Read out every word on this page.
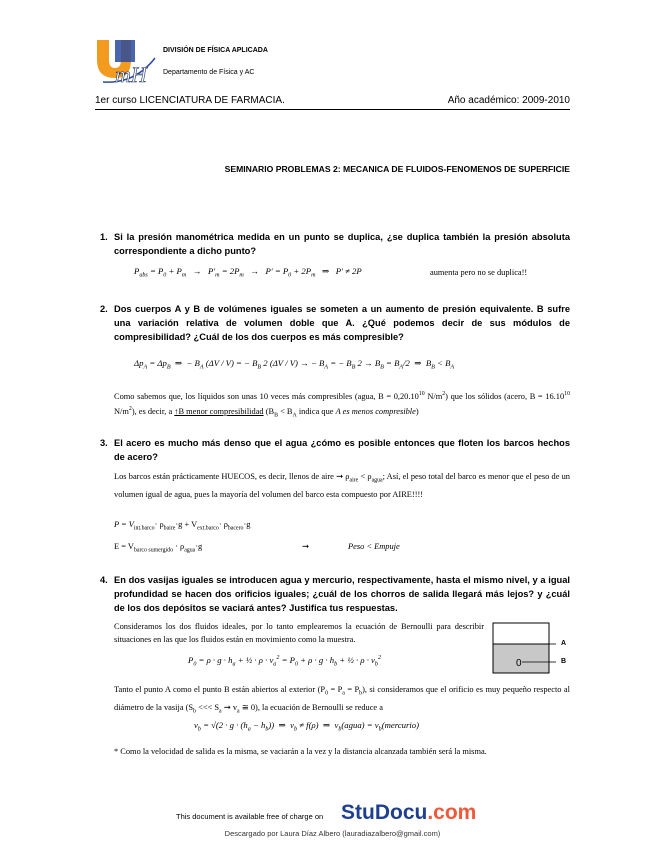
mH
DIVISIÓN DE FÍSICA APLICADA
Departamento de Física y AC
1er curso LICENCIATURA DE FARMACIA.	Año académico: 2009-2010
SEMINARIO PROBLEMAS 2: MECANICA DE FLUIDOS-FENOMENOS DE SUPERFICIE
1. Si la presión manométrica medida en un punto se duplica, ¿se duplica también la presión absoluta correspondiente a dicho punto?
$P_{abs} = P_0 + P_m \to P'_m = 2P_m \to P' = P_0 + 2P_m$   ⇒   P' ≠ 2P	aumenta pero no se duplica!!
2. Dos cuerpos A y B de volúmenes iguales se someten a un aumento de presión equivalente. B sufre una variación relativa de volumen doble que A. ¿Qué podemos decir de sus módulos de compresibilidad? ¿Cuál de los dos cuerpos es más compresible?
$\Delta p_A = \Delta p_B$  ⇒  − $B_A$ (ΔV / V) = − $B_B$ 2 (ΔV / V) → − $B_A$ = − $B_B$ $2 \to B_B = B_A/2$  ⇒  $B_B < B_A$
Como sabemos que, los líquidos son unas 10 veces más compresibles (agua, $B = 0,20.10^{10}$ $N/m^2$) que los sólidos (acero, $B = 16.10^{10}$ $N/m^2$), es decir, a ↑B menor compresibilidad ($B_B < B_A$ indica que A es menos compresible)
3. El acero es mucho más denso que el agua ¿cómo es posible entonces que floten los barcos hechos de acero?
Los barcos están prácticamente HUECOS, es decir, llenos de aire ➞ $\rho_{aire} < \rho_{agua}$; Así, el peso total del barco es menor que el peso de un volumen igual de agua, pues la mayoría del volumen del barco esta compuesto por AIRE!!!!
$P = V_{int.barco}\cdot \rho_{baire}\cdot g + V_{ext.barco}\cdot \rho_{bacero}\cdot g$
$E = V_{barco sumergido} \cdot \rho_{agua}\cdot g$	➞	Peso < Empuje
4. En dos vasijas iguales se introducen agua y mercurio, respectivamente, hasta el mismo nivel, y a igual profundidad se hacen dos orificios iguales; ¿cuál de los chorros de salida llegará más lejos? y ¿cuál de los dos depósitos se vaciará antes? Justifica tus respuestas.
Consideramos los dos fluidos ideales, por lo tanto emplearemos la ecuación de Bernoulli para describir situaciones en las que los fluidos están en movimiento como la muestra.
$P_0 = \rho \cdot g \cdot h_a$ + ½ · $\rho \cdot v_a^2 = P_0 + \rho \cdot g \cdot h_b$ + ½ · $\rho \cdot v_b^2$	0
A
B
Tanto el punto A como el punto B están abiertos al exterior $(P_0 = P_a = P_b)$, si consideramos que el orificio es muy pequeño respecto al diámetro de la vasija ($S_b$ <<< $S_a$ ➞ $v_a$ ≅ 0), la ecuación de Bernoulli se reduce a
$v_b = √(2 \cdot g \cdot (h_a - h_b))$  ⇒  $v_b \ne f(\rho)$  ⇒  $v_b(agua)$ = $v_b(mercurio)$
* Como la velocidad de salida es la misma, se vaciarán a la vez y la distancia alcanzada también será la misma.
This document is available free of charge on StuDocu.com
Descargado por Laura Díaz Albero (lauradiazalbero@gmail.com)
